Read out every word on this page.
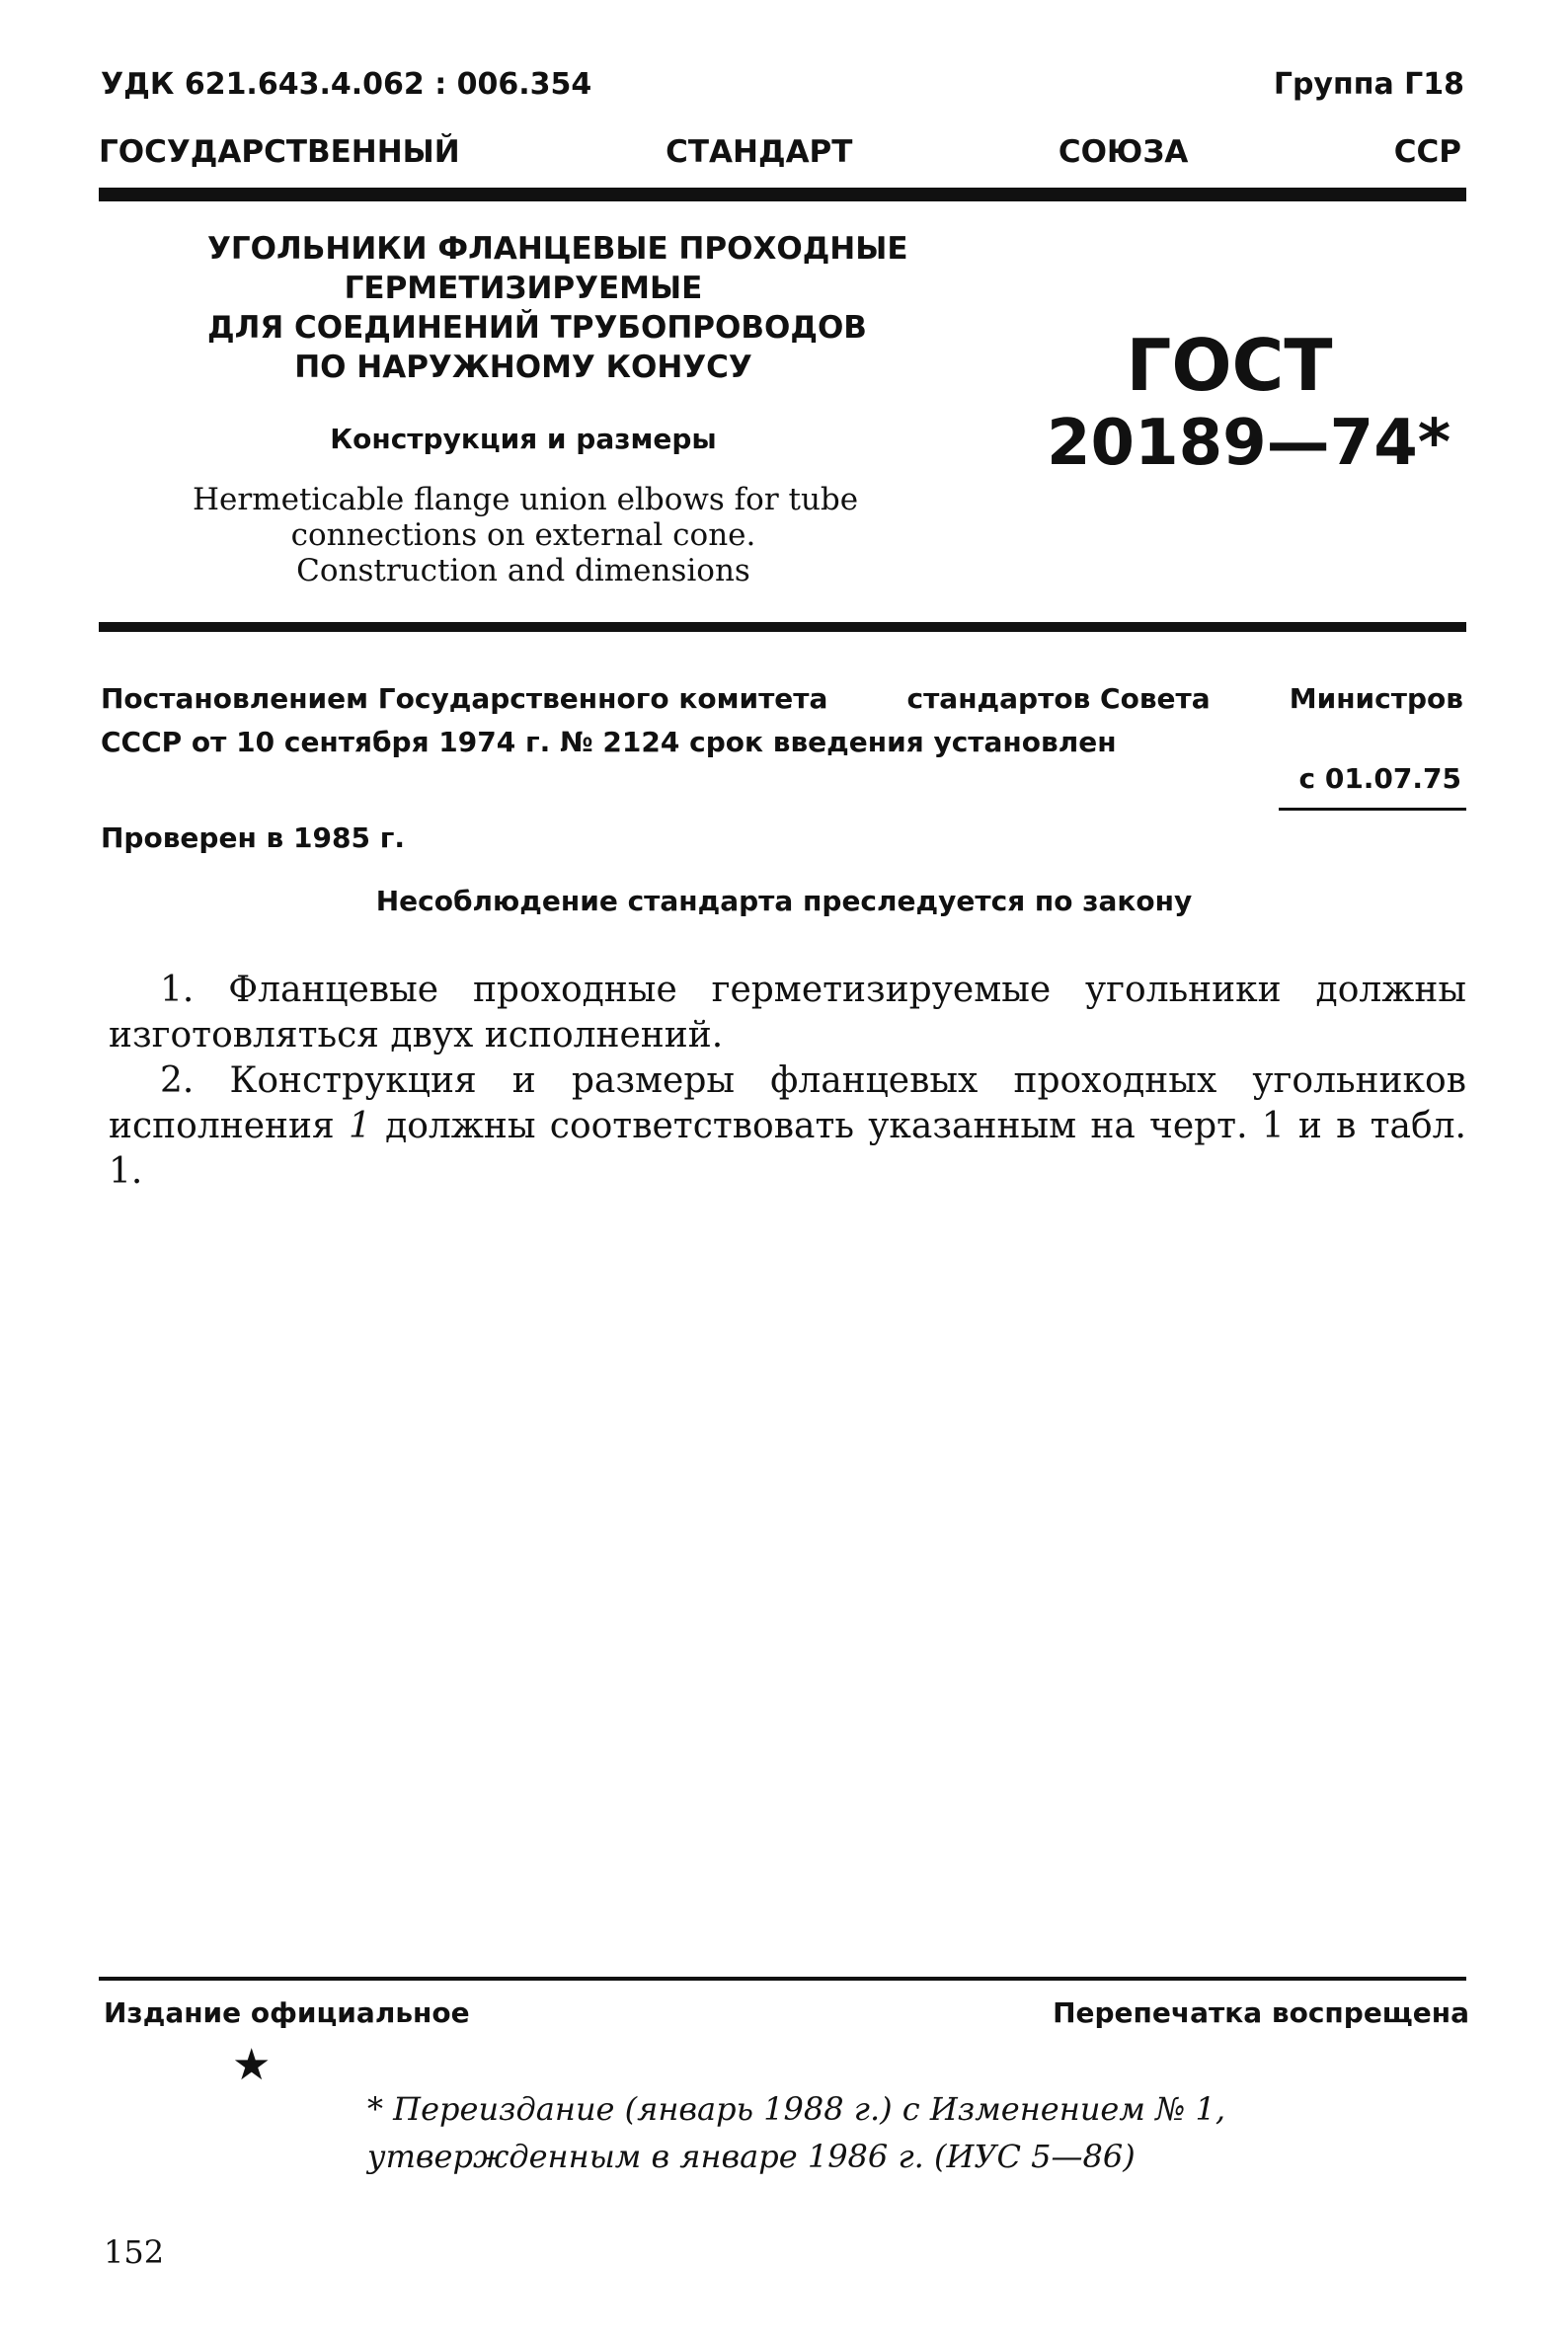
УДК 621.643.4.062 : 006.354	Группа Г18
ГОСУДАРСТВЕННЫЙ	СТАНДАРТ	СОЮЗА	ССР
УГОЛЬНИКИ ФЛАНЦЕВЫЕ ПРОХОДНЫЕ
ГЕРМЕТИЗИРУЕМЫЕ
ДЛЯ СОЕДИНЕНИЙ ТРУБОПРОВОДОВ
ПО НАРУЖНОМУ КОНУСУ
Конструкция и размеры
Hermeticable flange union elbows for tube
connections on external cone.
Construction and dimensions
ГОСТ
20189—74*
Постановлением Государственного комитета	стандартов Совета	Министров
СССР от 10 сентября 1974 г. № 2124 срок введения установлен
с 01.07.75
Проверен в 1985 г.
Несоблюдение стандарта преследуется по закону

1. Фланцевые проходные герметизируемые угольники должны изготовляться двух исполнений.

2. Конструкция и размеры фланцевых проходных угольников исполнения 1 должны соответствовать указанным на черт. 1 и в табл. 1.

Издание официальное	Перепечатка воспрещена
★
* Переиздание (январь 1988 г.) с Изменением № 1,
утвержденным в январе 1986 г. (ИУС 5—86)
152
